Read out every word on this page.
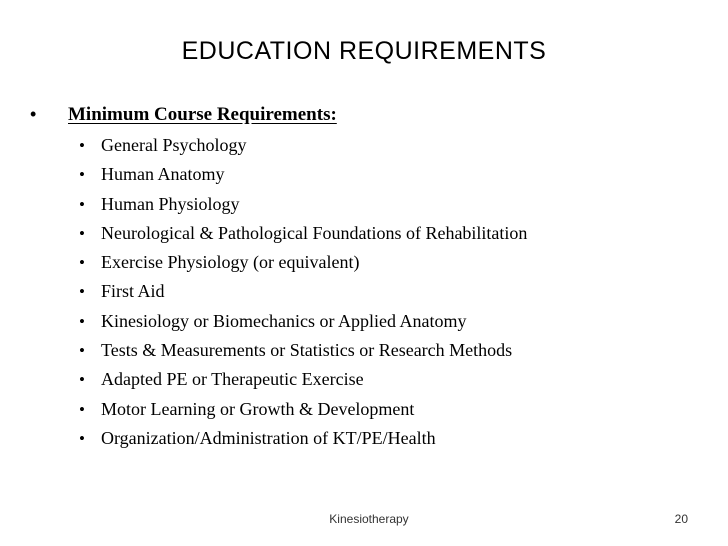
EDUCATION REQUIREMENTS
•	Minimum Course Requirements:
• General Psychology
• Human Anatomy
• Human Physiology
• Neurological & Pathological Foundations of Rehabilitation
• Exercise Physiology (or equivalent)
• First Aid
• Kinesiology or Biomechanics or Applied Anatomy
• Tests & Measurements or Statistics or Research Methods
• Adapted PE or Therapeutic Exercise
• Motor Learning or Growth & Development
• Organization/Administration of KT/PE/Health
Kinesiotherapy	20
